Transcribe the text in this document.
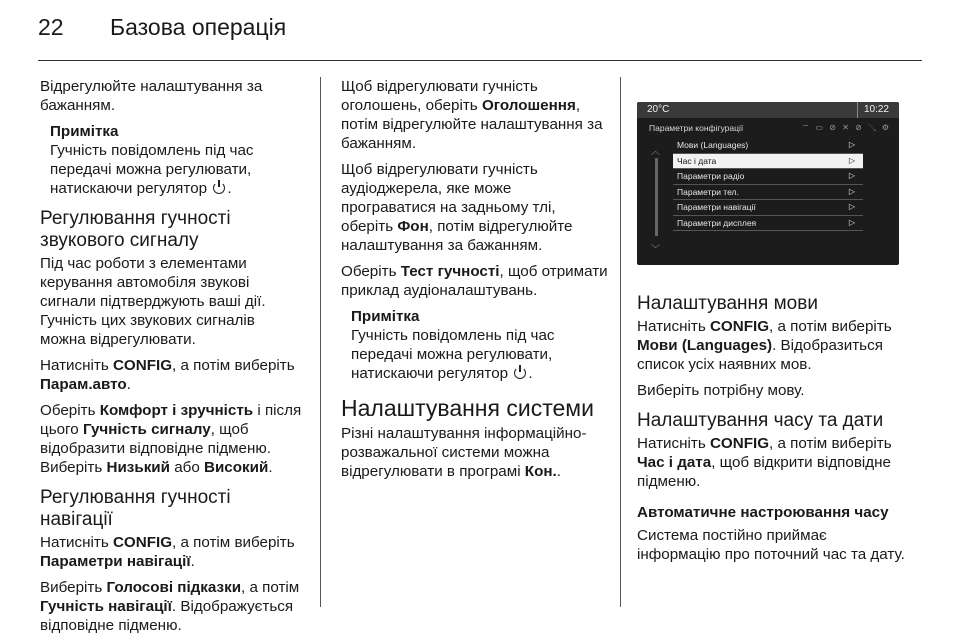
22	Базова операція

Відрегулюйте налаштування за бажанням.

Примітка
Гучність повідомлень під час передачі можна регулювати, натискаючи регулятор .
Регулювання гучності звукового сигналу

Під час роботи з елементами керування автомобіля звукові сигнали підтверджують ваші дії. Гучність цих звукових сигналів можна відрегулювати.

Натисніть CONFIG, а потім виберіть Парам.авто.

Оберіть Комфорт і зручність і після цього Гучність сигналу, щоб відобразити відповідне підменю. Виберіть Низький або Високий.

Регулювання гучності навігації

Натисніть CONFIG, а потім виберіть Параметри навігації.

Виберіть Голосові підказки, а потім Гучність навігації. Відображується відповідне підменю.

Щоб відрегулювати гучність оголошень, оберіть Оголошення, потім відрегулюйте налаштування за бажанням.

Щоб відрегулювати гучність аудіоджерела, яке може програватися на задньому тлі, оберіть Фон, потім відрегулюйте налаштування за бажанням.

Оберіть Тест гучності, щоб отримати приклад аудіоналаштувань.

Примітка
Гучність повідомлень під час передачі можна регулювати, натискаючи регулятор .
Налаштування системи

Різні налаштування інформаційно-розважальної системи можна відрегулювати в програмі Кон..

20°C	10:22
Параметри конфігурації	⌔ ▭ ⊘ ✕ ⊘ ↘ ⚙
︿
﹀
Мови (Languages)	▷
Час і дата	▷
Параметри радіо	▷
Параметри тел.	▷
Параметри навігації	▷
Параметри дисплея	▷
Налаштування мови

Натисніть CONFIG, а потім виберіть Мови (Languages). Відобразиться список усіх наявних мов.

Виберіть потрібну мову.

Налаштування часу та дати

Натисніть CONFIG, а потім виберіть Час і дата, щоб відкрити відповідне підменю.

Автоматичне настроювання часу

Система постійно приймає інформацію про поточний час та дату.
